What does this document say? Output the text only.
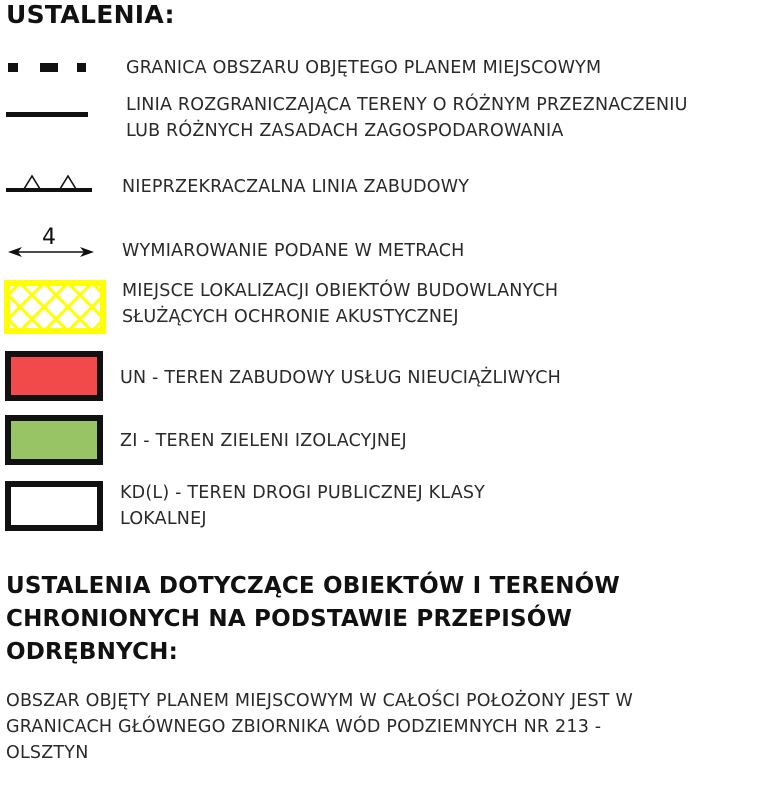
USTALENIA:
GRANICA OBSZARU OBJĘTEGO PLANEM MIEJSCOWYM
LINIA ROZGRANICZAJĄCA TERENY O RÓŻNYM PRZEZNACZENIU
LUB RÓŻNYCH ZASADACH ZAGOSPODAROWANIA
NIEPRZEKRACZALNA LINIA ZABUDOWY
4
WYMIAROWANIE PODANE W METRACH
MIEJSCE LOKALIZACJI OBIEKTÓW BUDOWLANYCH
SŁUŻĄCYCH OCHRONIE AKUSTYCZNEJ
UN - TEREN ZABUDOWY USŁUG NIEUCIĄŻLIWYCH
ZI - TEREN ZIELENI IZOLACYJNEJ
KD(L) - TEREN DROGI PUBLICZNEJ KLASY
LOKALNEJ
USTALENIA DOTYCZĄCE OBIEKTÓW I TERENÓW
CHRONIONYCH NA PODSTAWIE PRZEPISÓW
ODRĘBNYCH:
OBSZAR OBJĘTY PLANEM MIEJSCOWYM W CAŁOŚCI POŁOŻONY JEST W
GRANICACH GŁÓWNEGO ZBIORNIKA WÓD PODZIEMNYCH NR 213 -
OLSZTYN
